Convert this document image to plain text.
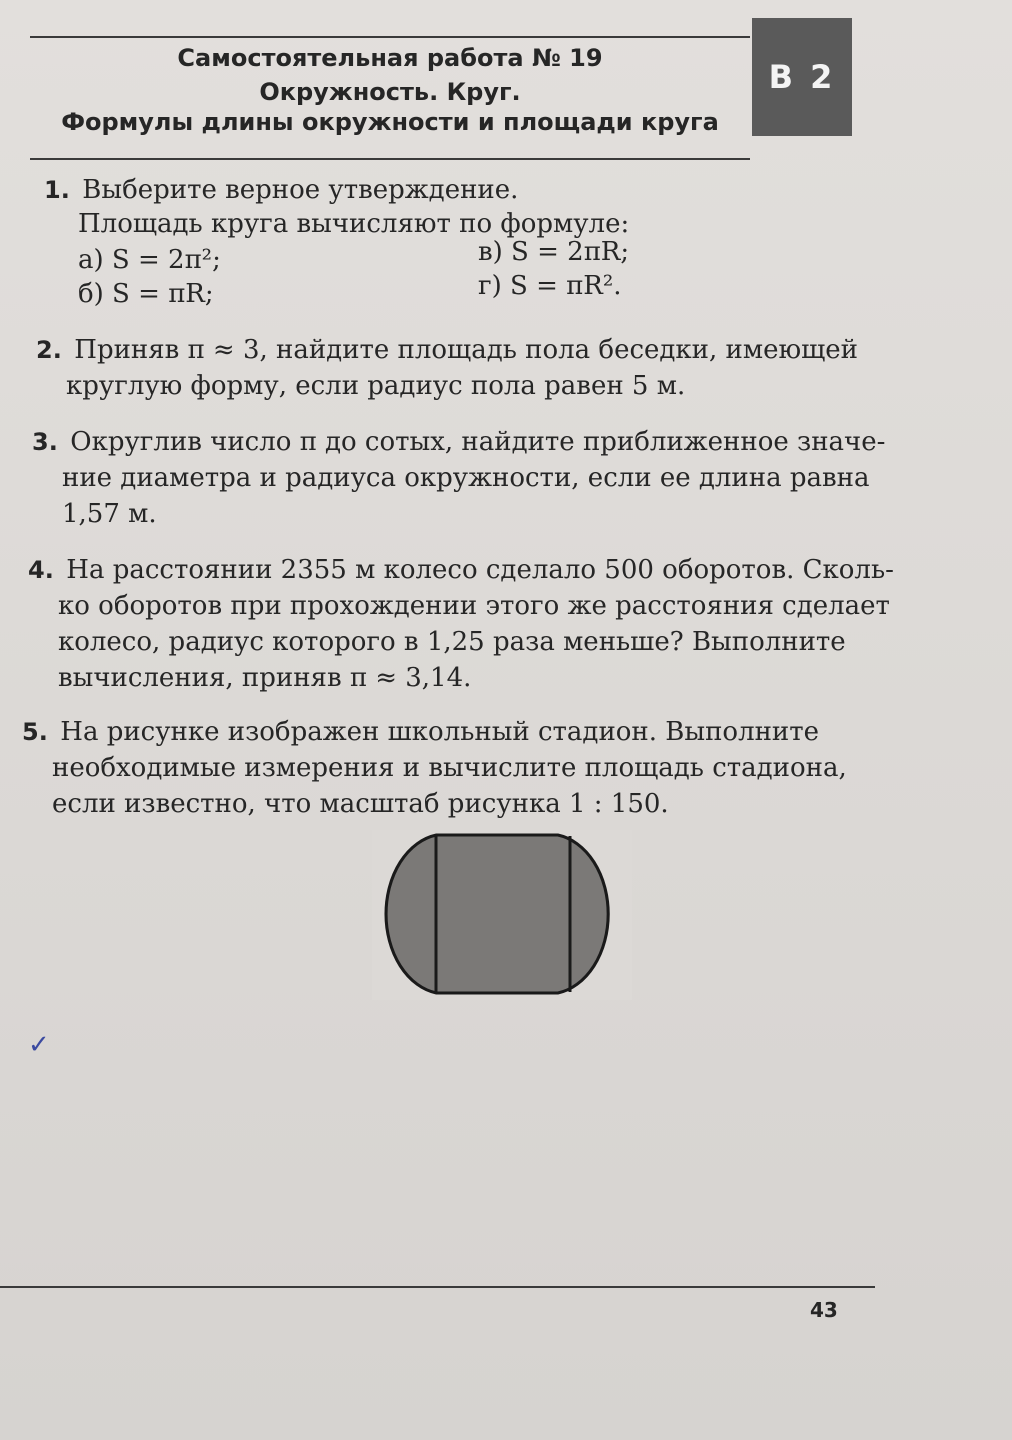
Самостоятельная работа № 19
Окружность. Круг.
Формулы длины окружности и площади круга
В 2
1. Выберите верное утверждение.
Площадь круга вычисляют по формуле:
а) S = 2π²;
б) S = πR;
в) S = 2πR;
г) S = πR².
2. Приняв π ≈ 3, найдите площадь пола беседки, имеющей
круглую форму, если радиус пола равен 5 м.
3. Округлив число π до сотых, найдите приближенное значе-
ние диаметра и радиуса окружности, если ее длина равна
1,57 м.
4. На расстоянии 2355 м колесо сделало 500 оборотов. Сколь-
ко оборотов при прохождении этого же расстояния сделает
колесо, радиус которого в 1,25 раза меньше? Выполните
вычисления, приняв π ≈ 3,14.
5. На рисунке изображен школьный стадион. Выполните
необходимые измерения и вычислите площадь стадиона,
если известно, что масштаб рисунка 1 : 150.
✓
43
